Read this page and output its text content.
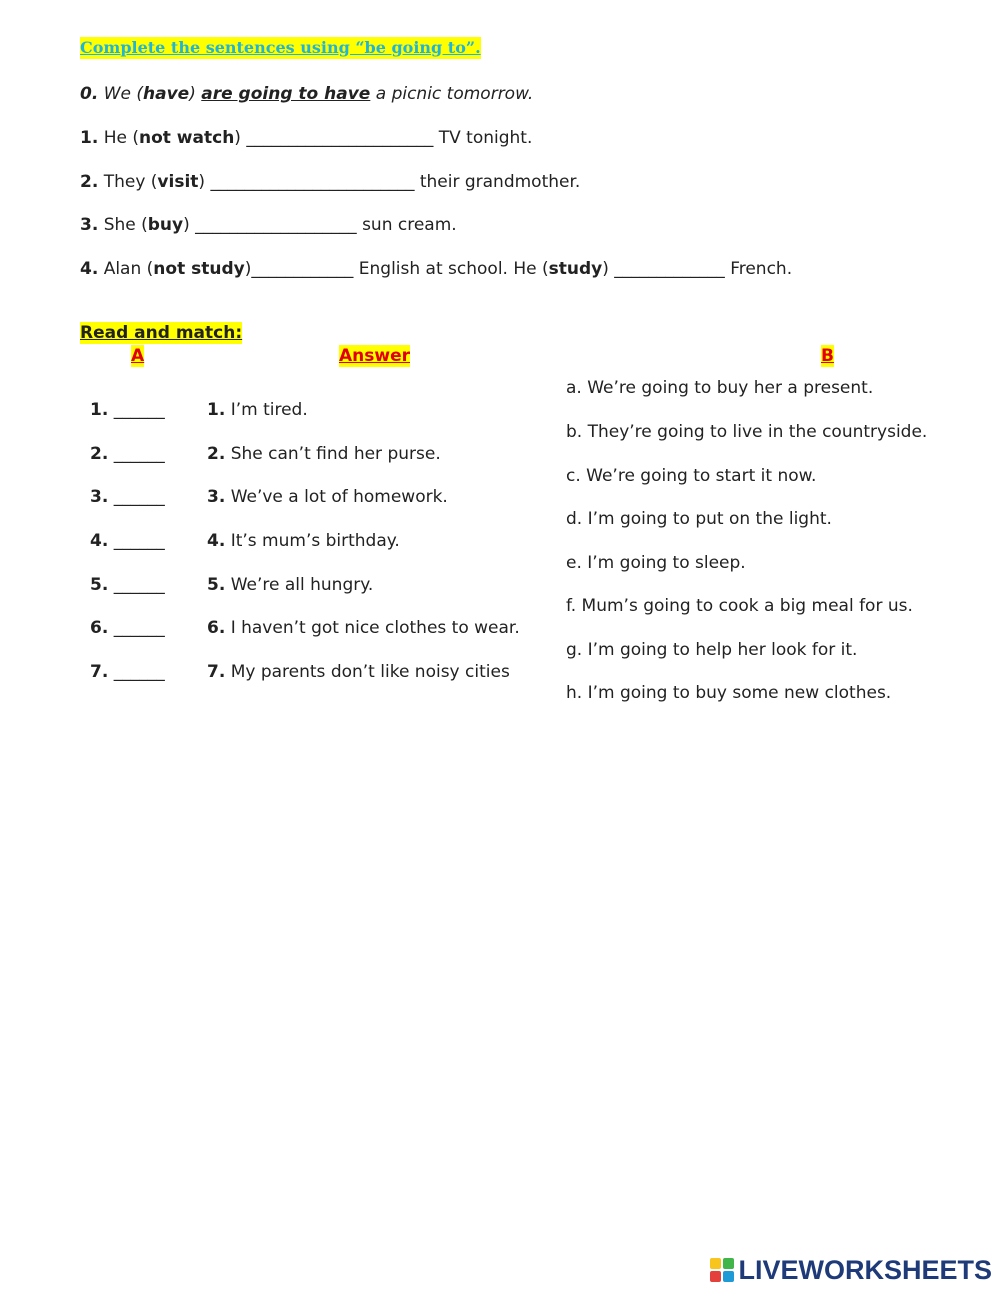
Complete the sentences using “be going to”.
0. We (have) are going to have a picnic tomorrow.
1. He (not watch) ______________________ TV tonight.
2. They (visit) ________________________ their grandmother.
3. She (buy) ___________________ sun cream.
4. Alan (not study)____________ English at school. He (study) _____________ French.
Read and match:
A	Answer	B
1. ______
2. ______
3. ______
4. ______
5. ______
6. ______
7. ______
1. I’m tired.
2. She can’t find her purse.
3. We’ve a lot of homework.
4. It’s mum’s birthday.
5. We’re all hungry.
6. I haven’t got nice clothes to wear.
7. My parents don’t like noisy cities
a. We’re going to buy her a present.
b. They’re going to live in the countryside.
c. We’re going to start it now.
d. I’m going to put on the light.
e. I’m going to sleep.
f. Mum’s going to cook a big meal for us.
g. I’m going to help her look for it.
h. I’m going to buy some new clothes.
LIVEWORKSHEETS
